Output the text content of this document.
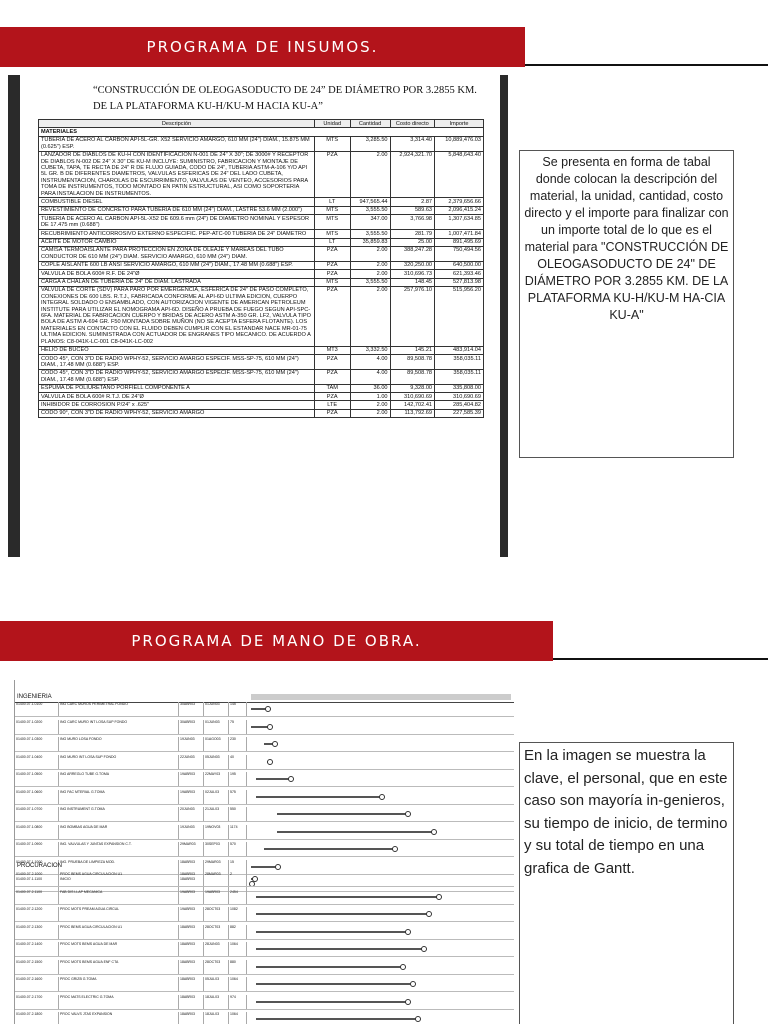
PROGRAMA DE INSUMOS.
“CONSTRUCCIÓN DE OLEOGASODUCTO DE 24” DE DIÁMETRO POR 3.2855 KM.
DE LA PLATAFORMA KU-H/KU-M HACIA KU-A”
Descripción	Unidad	Cantidad	Costo directo	Importe
MATERIALES				
TUBERIA DE ACERO AL CARBON API-5L-GR. X52 SERVICIO AMARGO, 610 MM (24") DIAM., 15.875 MM (0.625") ESP.	MTS	3,285.50	3,314.40	10,889,476.03
LANZADOR DE DIABLOS DE KU-H CON IDENTIFICACION N-001 DE 24" X 30"; DE 3000# Y RECEPTOR DE DIABLOS N-002 DE 24" X 30" DE KU-M INCLUYE: SUMINISTRO, FABRICACION Y MONTAJE DE CUBETA, TAPA, TE RECTA DE 24" R DE FLUJO GUIADA, CODO DE 24", TUBERIA ASTM-A-106 Y/O API 5L GR. B DE DIFERENTES DIAMETROS, VALVULAS ESFERICAS DE 24" DEL LADO CUBETA, INSTRUMENTACION, CHAROLAS DE ESCURRIMIENTO, VALVULAS DE VENTEO, ACCESORIOS PARA TOMA DE INSTRUMENTOS, TODO MONTADO EN PATIN ESTRUCTURAL, ASI COMO SOPORTERIA PARA INSTALACION DE INSTRUMENTOS.	PZA	2.00	2,924,321.70	5,848,643.40
COMBUSTIBLE DIESEL	LT	947,565.44	2.87	2,379,656.66
REVESTIMIENTO DE CONCRETO PARA TUBERIA DE 610 MM (24") DIAM., LASTRE 53.6 MM (2.000")	MTS	3,555.50	589.63	2,096,415.24
TUBERIA DE ACERO AL CARBON API-5L-X52 DE 609.6 mm (24") DE DIAMETRO NOMINAL Y ESPESOR DE 17.475 mm (0.688")	MTS	347.00	3,766.98	1,307,634.85
RECUBRIMIENTO ANTICORROSIVO EXTERNO ESPECIFIC. PEP-ATC-00 TUBERIA DE 24" DIAMETRO	MTS	3,555.50	281.79	1,007,471.84
ACEITE DE MOTOR CAMBIO	LT	35,859.83	25.00	891,495.69
CAMISA TERMOAISLANTE PARA PROTECCION EN ZONA DE OLEAJE Y MAREAS DEL TUBO CONDUCTOR DE 610 MM (24") DIAM. SERVICIO AMARGO, 610 MM (24") DIAM.	PZA	2.00	388,247.28	750,494.56
COPLE AISLANTE 600 LB ANSI SERVICIO AMARGO, 610 MM (24") DIAM., 17.48 MM (0.688") ESP.	PZA	2.00	320,250.00	640,500.00
VALVULA DE BOLA 600# R.F. DE 24"Ø	PZA	2.00	310,696.73	621,393.46
CARGA A CHALAN DE TUBERIA DE 24" DE DIAM. LASTRADA	MTS	3,555.50	148.45	527,813.98
VALVULA DE CORTE (SDV) PARA PARO POR EMERGENCIA, ESFERICA DE 24" DE PASO COMPLETO, CONEXIONES DE 600 LBS. R.T.J., FABRICADA CONFORME AL API-6D ULTIMA EDICION, CUERPO INTEGRAL SOLDADO O ENSAMBLADO, CON AUTORIZACION VIGENTE DE AMERICAN PETROLEUM INSTITUTE PARA UTILIZAR EL NOMOGRAMA API-6D. DISEÑO A PRUEBA DE FUEGO SEGUN API-SPC-6FA. MATERIAL DE FABRICACION CUERPO Y BRIDAS DE ACERO ASTM A-350 GR. LF2, VALVULA TIPO BOLA DE ASTM A-694 GR. F50 MONTADA SOBRE MUÑON (NO SE ACEPTA ESFERA FLOTANTE). LOS MATERIALES EN CONTACTO CON EL FLUIDO DEBEN CUMPLIR CON EL ESTANDAR NACE MR-01-75 ULTIMA EDICION. SUMINISTRADA CON ACTUADOR DE ENGRANES TIPO MECANICO. DE ACUERDO A PLANOS: C8-041K-LC-001 C8-041K-LC-002	PZA	2.00	257,976.10	515,956.20
HELIO DE BUCEO	MT3	3,332.50	145.21	483,914.04
CODO 45°, CON 3"D DE RADIO WPHY-52, SERVICIO AMARGO ESPECIF. MSS-SP-75, 610 MM (24") DIAM., 17.48 MM (0.688") ESP.	PZA	4.00	89,508.78	358,035.11
CODO 45°, CON 3"D DE RADIO WPHY-52, SERVICIO AMARGO ESPECIF. MSS-SP-75, 610 MM (24") DIAM., 17.48 MM (0.688") ESP.	PZA	4.00	89,508.78	358,035.11
ESPUMA DE POLIURETANO PORFIELL COMPONENTE A	TAM	36.00	9,328.00	335,808.00
VALVULA DE BOLA 600# R.T.J. DE 24"Ø	PZA	1.00	310,690.69	310,690.69
INHIBIDOR DE CORROSION P/24" x .625"	LTE	2.00	142,702.41	285,404.82
CODO 90°, CON 3"D DE RADIO WPHY-52, SERVICIO AMARGO	PZA	2.00	113,792.69	227,585.39
Se presenta en forma de tabal donde colocan la descripción del material, la unidad, cantidad, costo directo y el importe para finalizar con un importe total de lo que es el material para "CONSTRUCCIÓN DE OLEOGASODUCTO DE 24" DE DIÁMETRO POR 3.2855 KM. DE LA PLATAFORMA KU-H/KU-M HA-CIA KU-A"
PROGRAMA DE MANO DE OBRA.
INGENIERIA
01400.07.1.0100	ING CARC MUROS PERIMETRAL FONDO	30ABR03	01JUN03	145
01400.07.1.0200	ING CARC MURO INT LOSA SUP FONDO	30ABR03	01JUN03	75
01400.07.1.0300	ING MURO LOSA FONDO	19JUN03	01AGO03	230
01400.07.1.0400	ING MURO INT LOSA SUP FONDO	22JUN03	05JUN03	40
01400.07.1.0500	ING ARREGLO TUBE G.TOMA	19ABR03	22MAY03	195
01400.07.1.0600	ING FAC MTERIAL G.TOMA	19ABR03	02JUL03	575
01400.07.1.0700	ING INSTRUMENT G.TOMA	20JUN03	21JUL03	550
01400.07.1.0800	ING BOMBAS AGUA DE MAR	19JUN03	19NOV03	1174
01400.07.1.0900	ING. VALVULAS Y JUNTAS EXPANSION C.T.	29MAR03	30SEP03	570
01400.07.1.1000	ING. PRUEBA DE LIMPIEZA MOD.	18ABR03	29MAR03	15
01400.07.1.1100	INICIO	18ABR03
PROCURACION
01400.07.2.1000	PROC BEMS AGUA CIRCULACION U1	18ABR03	28MAR03	2
01400.07.2.1100	FAB DIS LLAP MECANICA	19ABR03	19ABR03	2454
01400.07.2.1200	PROC MOTS PREAM AGUA CIRCUL	19ABR03	28OCT03	1082
01400.07.2.1300	PROC BEMS AGUA CIRCULACION U1	18ABR03	28OCT03	882
01400.07.2.1400	PROC MOTS BEMS AGUA DE MAR	18ABR03	28JUN03	1064
01400.07.2.1500	PROC MOTS BEMS AGUA ENF CTA	18ABR03	28OCT03	880
01400.07.2.1600	PROC GRIZB G.TOMA	18ABR03	05JUL03	1064
01400.07.2.1700	PROC MATS ELECTRIC G.TOMA	18ABR03	18JUL03	974
01400.07.2.1800	PROC VALVS JTAS EXPANSION	18ABR03	18JUL03	1064
En la imagen se muestra la clave, el personal, que en este caso son mayoría in-genieros, su tiempo de inicio, de termino y su total de tiempo en una grafica de Gantt.
